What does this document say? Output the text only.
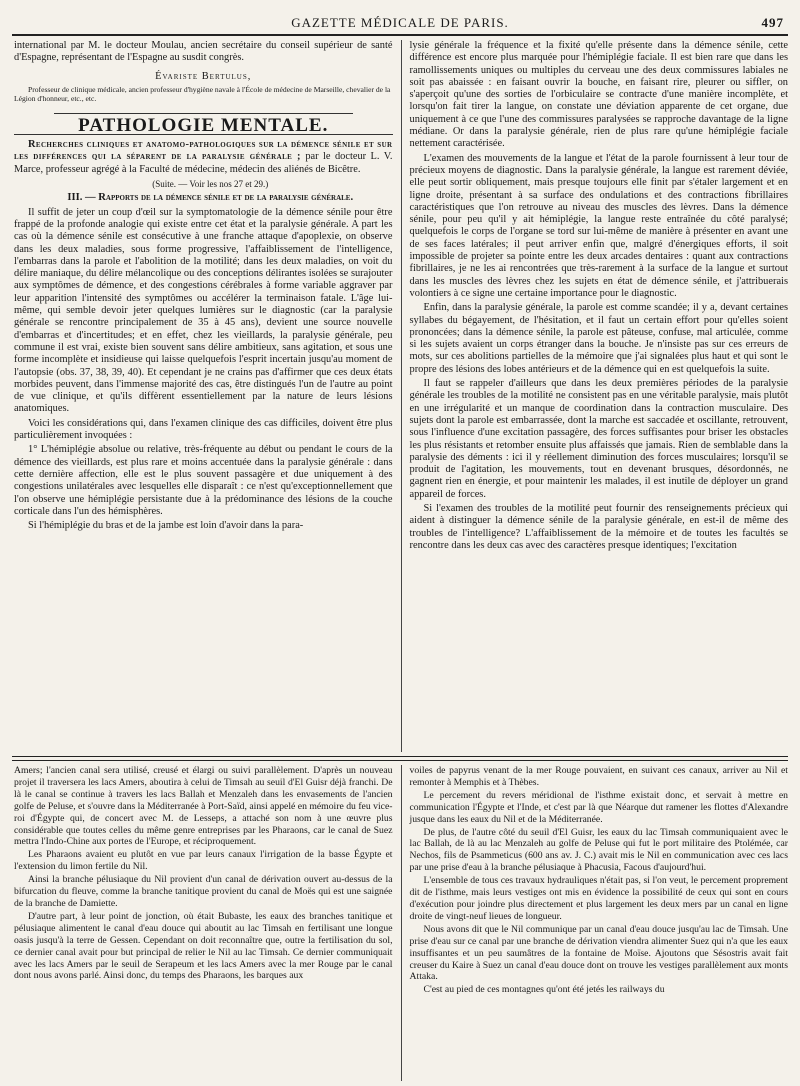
GAZETTE MÉDICALE DE PARIS.	497

international par M. le docteur Moulau, ancien secrétaire du conseil supérieur de santé d'Espagne, représentant de l'Espagne au susdit congrès.

Évariste Bertulus,

Professeur de clinique médicale, ancien professeur d'hygiène navale à l'École de médecine de Marseille, chevalier de la Légion d'honneur, etc., etc.

PATHOLOGIE MENTALE.

Recherches cliniques et anatomo-pathologiques sur la démence sénile et sur les différences qui la séparent de la paralysie générale ; par le docteur L. V. Marce, professeur agrégé à la Faculté de médecine, médecin des aliénés de Bicêtre.

(Suite. — Voir les nos 27 et 29.)

III. — Rapports de la démence sénile et de la paralysie générale.

Il suffit de jeter un coup d'œil sur la symptomatologie de la démence sénile pour être frappé de la profonde analogie qui existe entre cet état et la paralysie générale. A part les cas où la démence sénile est consécutive à une franche attaque d'apoplexie, on observe dans les deux maladies, sous forme progressive, l'affaiblissement de l'intelligence, l'embarras dans la parole et l'abolition de la motilité; dans les deux maladies, on voit du délire maniaque, du délire mélancolique ou des conceptions délirantes isolées se surajouter aux symptômes de démence, et des congestions cérébrales à forme variable aggraver par leur apparition l'intensité des symptômes ou accélérer la terminaison fatale. L'âge lui-même, qui semble devoir jeter quelques lumières sur le diagnostic (car la paralysie générale se rencontre principalement de 35 à 45 ans), devient une source nouvelle d'embarras et d'incertitudes; et en effet, chez les vieillards, la paralysie générale, peu commune il est vrai, existe bien souvent sans délire ambitieux, sans agitation, et sous une forme incomplète et insidieuse qui laisse quelquefois l'esprit incertain jusqu'au moment de l'autopsie (obs. 37, 38, 39, 40). Et cependant je ne crains pas d'affirmer que ces deux états morbides peuvent, dans l'immense majorité des cas, être distingués l'un de l'autre au point de vue clinique, et qu'ils diffèrent essentiellement par la nature de leurs lésions anatomiques.

Voici les considérations qui, dans l'examen clinique des cas difficiles, doivent être plus particulièrement invoquées :

1° L'hémiplégie absolue ou relative, très-fréquente au début ou pendant le cours de la démence des vieillards, est plus rare et moins accentuée dans la paralysie générale : dans cette dernière affection, elle est le plus souvent passagère et due uniquement à des congestions unilatérales avec lesquelles elle disparaît : ce n'est qu'exceptionnellement que l'on observe une hémiplégie persistante due à la prédominance des lésions de la couche corticale dans l'un des hémisphères.

Si l'hémiplégie du bras et de la jambe est loin d'avoir dans la para-

lysie générale la fréquence et la fixité qu'elle présente dans la démence sénile, cette différence est encore plus marquée pour l'hémiplégie faciale. Il est bien rare que dans les ramollissements uniques ou multiples du cerveau une des deux commissures labiales ne soit pas abaissée : en faisant ouvrir la bouche, en faisant rire, pleurer ou siffler, on s'aperçoit qu'une des sorties de l'orbiculaire se contracte d'une manière incomplète, et lorsqu'on fait tirer la langue, on constate une déviation apparente de cet organe, due uniquement à ce que l'une des commissures paralysées se rapproche davantage de la ligne médiane. Or dans la paralysie générale, rien de plus rare qu'une hémiplégie faciale nettement caractérisée.

L'examen des mouvements de la langue et l'état de la parole fournissent à leur tour de précieux moyens de diagnostic. Dans la paralysie générale, la langue est rarement déviée, elle peut sortir obliquement, mais presque toujours elle finit par s'étaler largement et en ligne droite, présentant à sa surface des ondulations et des contractions fibrillaires caractéristiques que l'on retrouve au niveau des muscles des lèvres. Dans la démence sénile, pour peu qu'il y ait hémiplégie, la langue reste entraînée du côté paralysé; quelquefois le corps de l'organe se tord sur lui-même de manière à présenter en avant une de ses faces latérales; il peut arriver enfin que, malgré d'énergiques efforts, il soit impossible de projeter sa pointe entre les deux arcades dentaires : quant aux contractions fibrillaires, je ne les ai rencontrées que très-rarement à la surface de la langue et surtout dans les muscles des lèvres chez les sujets en état de démence sénile, et j'attribuerais volontiers à ce signe une certaine importance pour le diagnostic.

Enfin, dans la paralysie générale, la parole est comme scandée; il y a, devant certaines syllabes du bégayement, de l'hésitation, et il faut un certain effort pour qu'elles soient prononcées; dans la démence sénile, la parole est pâteuse, confuse, mal articulée, comme si les sujets avaient un corps étranger dans la bouche. Je n'insiste pas sur ces erreurs de mots, sur ces abolitions partielles de la mémoire que j'ai signalées plus haut et qui sont le propre des lésions des lobes antérieurs et de la démence qui en est quelquefois la suite.

Il faut se rappeler d'ailleurs que dans les deux premières périodes de la paralysie générale les troubles de la motilité ne consistent pas en une véritable paralysie, mais plutôt en une irrégularité et un manque de coordination dans la contraction musculaire. Des sujets dont la parole est embarrassée, dont la marche est saccadée et oscillante, retrouvent, sous l'influence d'une excitation passagère, des forces suffisantes pour briser les obstacles les plus résistants et retomber ensuite plus affaissés que jamais. Rien de semblable dans la paralysie des déments : ici il y réellement diminution des forces musculaires; lorsqu'il se produit de l'agitation, les mouvements, tout en devenant brusques, désordonnés, ne gagnent rien en énergie, et pour maintenir les malades, il est inutile de déployer un grand appareil de forces.

Si l'examen des troubles de la motilité peut fournir des renseignements précieux qui aident à distinguer la démence sénile de la paralysie générale, en est-il de même des troubles de l'intelligence? L'affaiblissement de la mémoire et de toutes les facultés se rencontre dans les deux cas avec des caractères presque identiques; l'excitation

Amers; l'ancien canal sera utilisé, creusé et élargi ou suivi parallèlement. D'après un nouveau projet il traversera les lacs Amers, aboutira à celui de Timsah au seuil d'El Guisr déjà franchi. De là le canal se continue à travers les lacs Ballah et Menzaleh dans les envasements de l'ancien golfe de Peluse, et s'ouvre dans la Méditerranée à Port-Saïd, ainsi appelé en mémoire du feu vice-roi d'Égypte qui, de concert avec M. de Lesseps, a attaché son nom à une œuvre plus considérable que toutes celles du même genre entreprises par les Pharaons, car le canal de Suez mettra l'Indo-Chine aux portes de l'Europe, et réciproquement.

Les Pharaons avaient eu plutôt en vue par leurs canaux l'irrigation de la basse Égypte et l'extension du limon fertile du Nil.

Ainsi la branche pélusiaque du Nil provient d'un canal de dérivation ouvert au-dessus de la bifurcation du fleuve, comme la branche tanitique provient du canal de Moës qui est une saignée de la branche de Damiette.

D'autre part, à leur point de jonction, où était Bubaste, les eaux des branches tanitique et pélusiaque alimentent le canal d'eau douce qui aboutit au lac Timsah en fertilisant une longue oasis jusqu'à la terre de Gessen. Cependant on doit reconnaître que, outre la fertilisation du sol, ce dernier canal avait pour but principal de relier le Nil au lac Timsah. Ce dernier communiquait avec les lacs Amers par le seuil de Serapeum et les lacs Amers avec la mer Rouge par le canal dont nous avons parlé. Ainsi donc, du temps des Pharaons, les barques aux

voiles de papyrus venant de la mer Rouge pouvaient, en suivant ces canaux, arriver au Nil et remonter à Memphis et à Thèbes.

Le percement du revers méridional de l'isthme existait donc, et servait à mettre en communication l'Égypte et l'Inde, et c'est par là que Néarque dut ramener les flottes d'Alexandre jusque dans les eaux du Nil et de la Méditerranée.

De plus, de l'autre côté du seuil d'El Guisr, les eaux du lac Timsah communiquaient avec le lac Ballah, de là au lac Menzaleh au golfe de Peluse qui fut le port militaire des Ptolémée, car Nechos, fils de Psammeticus (600 ans av. J. C.) avait mis le Nil en communication avec ces lacs par une prise d'eau à la branche pélusiaque à Phacusia, Facous d'aujourd'hui.

L'ensemble de tous ces travaux hydrauliques n'était pas, si l'on veut, le percement proprement dit de l'isthme, mais leurs vestiges ont mis en évidence la possibilité de ceux qui sont en cours d'exécution pour joindre plus directement et plus largement les deux mers par un canal en ligne droite de vingt-neuf lieues de longueur.

Nous avons dit que le Nil communique par un canal d'eau douce jusqu'au lac de Timsah. Une prise d'eau sur ce canal par une branche de dérivation viendra alimenter Suez qui n'a que les eaux insuffisantes et un peu saumâtres de la fontaine de Moïse. Ajoutons que Sésostris avait fait creuser du Kaire à Suez un canal d'eau douce dont on trouve les vestiges parallèlement aux monts Attaka.

C'est au pied de ces montagnes qu'ont été jetés les railways du
